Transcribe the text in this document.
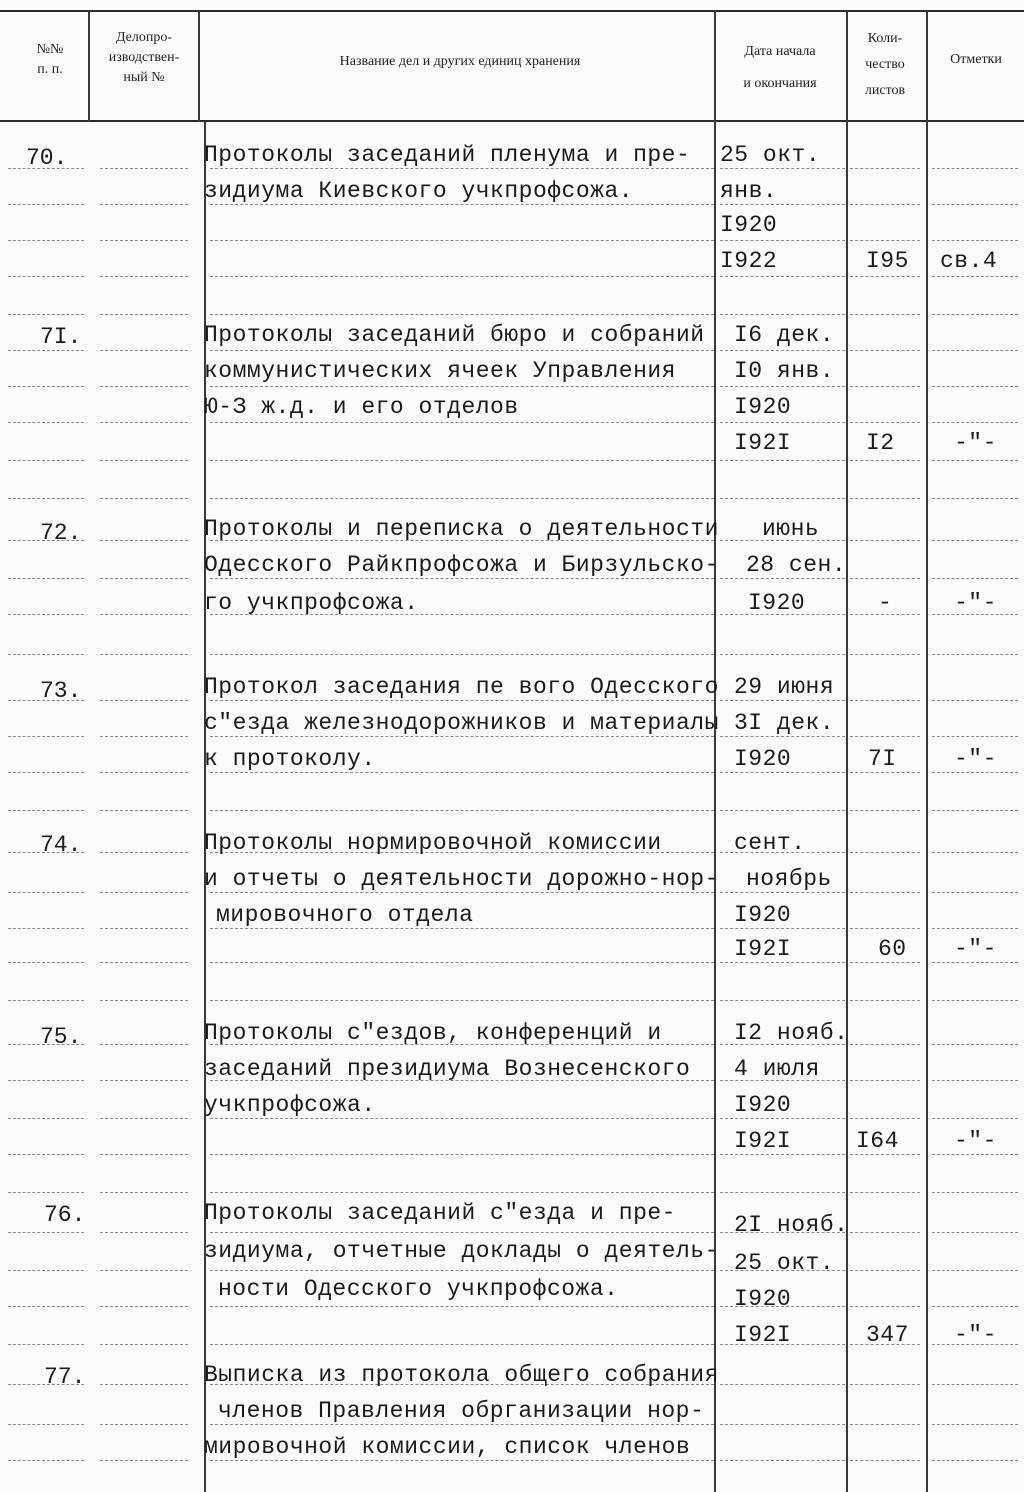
№№
п. п.
Делопро-
изводствен-
ный №
Название дел и других единиц хранения
Дата начала
и окончания
Коли-
чество
листов
Отметки
70.	Протоколы заседаний пленума и пре-
зидиума Киевского учкпрофсожа.
25 окт.
янв.
I920
I922	I95 св.4
7I.	Протоколы заседаний бюро и собраний
коммунистических ячеек Управления
Ю-З ж.д. и его отделов
I6 дек.
I0 янв.
I920
I92I	I2	-"-
72.	Протоколы и переписка о деятельности
Одесского Райкпрофсожа и Бирзульско-
го учкпрофсожа.
июнь
28 сен.
I920	-	-"-
73.	Протокол заседания пе вого Одесского
с"езда железнодорожников и материалы
к протоколу.
29 июня
3I дек.
I920	7I -"-
74.	Протоколы нормировочной комиссии
и отчеты о деятельности дорожно-нор-
мировочного отдела
сент.
ноябрь
I920
I92I	60 -"-
75.	Протоколы с"ездов, конференций и
заседаний президиума Вознесенского
учкпрофсожа.
I2 нояб.
4 июля
I920
I92I	I64 -"-
76.	Протоколы заседаний с"езда и пре-
зидиума, отчетные доклады о деятель-
ности Одесского учкпрофсожа.
2I нояб.
25 окт.
I920
I92I	347 -"-
77.	Выписка из протокола общего собрания
членов Правления обрганизации нор-
мировочной комиссии, список членов
